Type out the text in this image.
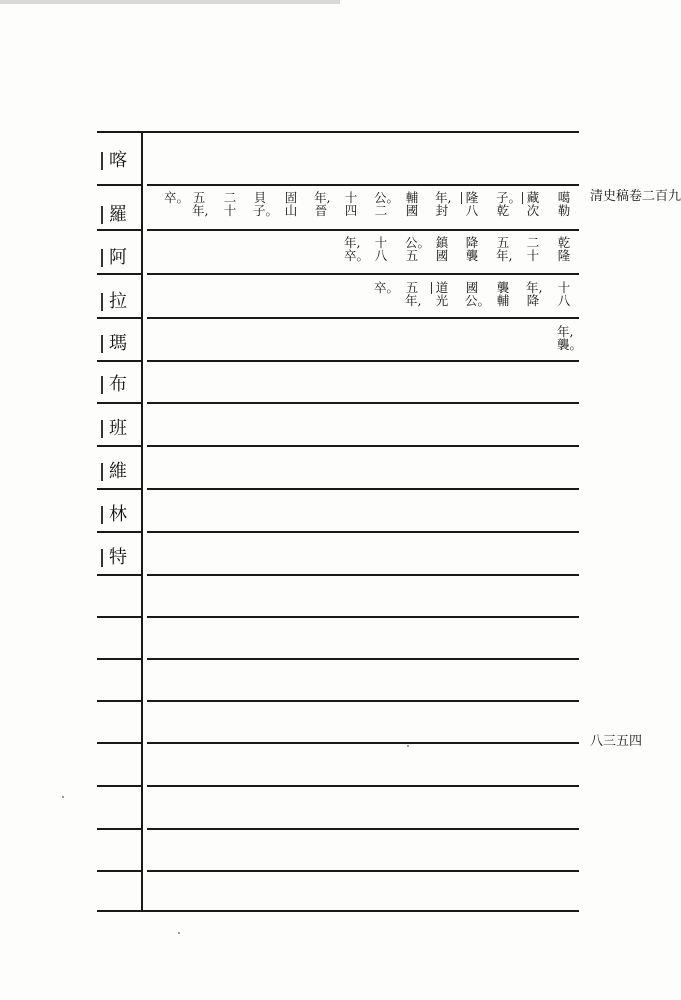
喀
羅
阿
拉
瑪
布
班
維
林
特
噶
勒
藏
次
子。
乾
隆
八
年,
封
輔
國
公。
二
十
四
年,
晉
固
山
貝
子。
二
十
五
年,
卒。
乾
隆
二
十
五
年,
降
襲
鎮
國
公。
五
十
八
年,
卒。
十
八
年,
降
襲
輔
國
公。
道
光
五
年,
卒。
年,
襲。
清史稿卷二百九
八三五四
